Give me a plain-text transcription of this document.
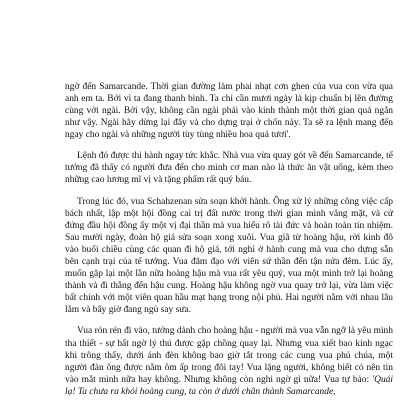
ngờ đến Samarcande. Thời gian đường làm phai nhạt cơn ghen của vua con vừa qua anh em ta. Bởi vì ta đang thanh bình. Ta chỉ cần mươi ngày là kịp chuẩn bị lên đường cùng với ngài. Bởi vậy, không cần ngài phải vào kinh thành một thời gian quá ngắn như vậy. Ngài hãy dừng lại đây và cho dựng trại ở chốn này. Ta sẽ ra lệnh mang đến ngay cho ngài và những người tùy tùng nhiều hoa quả tươi'.

Lệnh đó được thi hành ngay tức khắc. Nhà vua vừa quay gót về đến Samarcande, tể tướng đã thấy có người đưa đến cho mình cơ man nào là thức ăn vật uống, kèm theo những cao lương mĩ vị và tặng phẩm rất quý báu.

Trong lúc đó, vua Schahzenan sửa soạn khởi hành. Ông xử lý những công việc cấp bách nhất, lập một hội đồng cai trị đất nước trong thời gian mình vắng mặt, và cử đứng đầu hội đồng ấy một vị đại thần mà vua hiểu rõ tài đức và hoàn toàn tín nhiệm. Sau mười ngày, đoàn hộ giá sửa soạn xong xuôi. Vua giã từ hoàng hậu, rời kinh đô vào buổi chiều cùng các quan đi hộ giá, tới nghỉ ở hành cung mà vua cho dựng sẵn bên cạnh trại của tể tướng. Vua đãm đạo với viên sứ thần đến tận nửa đêm. Lúc ấy, muốn gặp lại một lần nữa hoàng hậu mà vua rất yêu quý, vua một mình trở lại hoàng thành và đi thẳng đến hậu cung. Hoàng hậu không ngờ vua quay trở lại, vừa làm việc bất chính với một viên quan hầu mạt hạng trong nội phủ. Hai người nằm với nhau lâu lắm và bây giờ đang ngủ say sưa.

Vua rón rén đi vào, tưởng dành cho hoàng hậu - người mà vua vẫn ngỡ là yêu mình tha thiết - sự bất ngờ lý thú được gặp chồng quay lại. Nhưng vua xiết bao kinh ngạc khi trông thấy, dưới ánh đèn không bao giờ tắt trong các cung vua phủ chúa, một người đàn ông được nằm ôm ấp trong đôi tay! Vua lặng người, không biết có nên tin vào mắt mình nữa hay không. Nhưng không còn nghi ngờ gì nữa! Vua tự bảo: 'Quái lạ! Ta chưa ra khỏi hoàng cung, ta còn ở dưới chân thành Samarcande,
